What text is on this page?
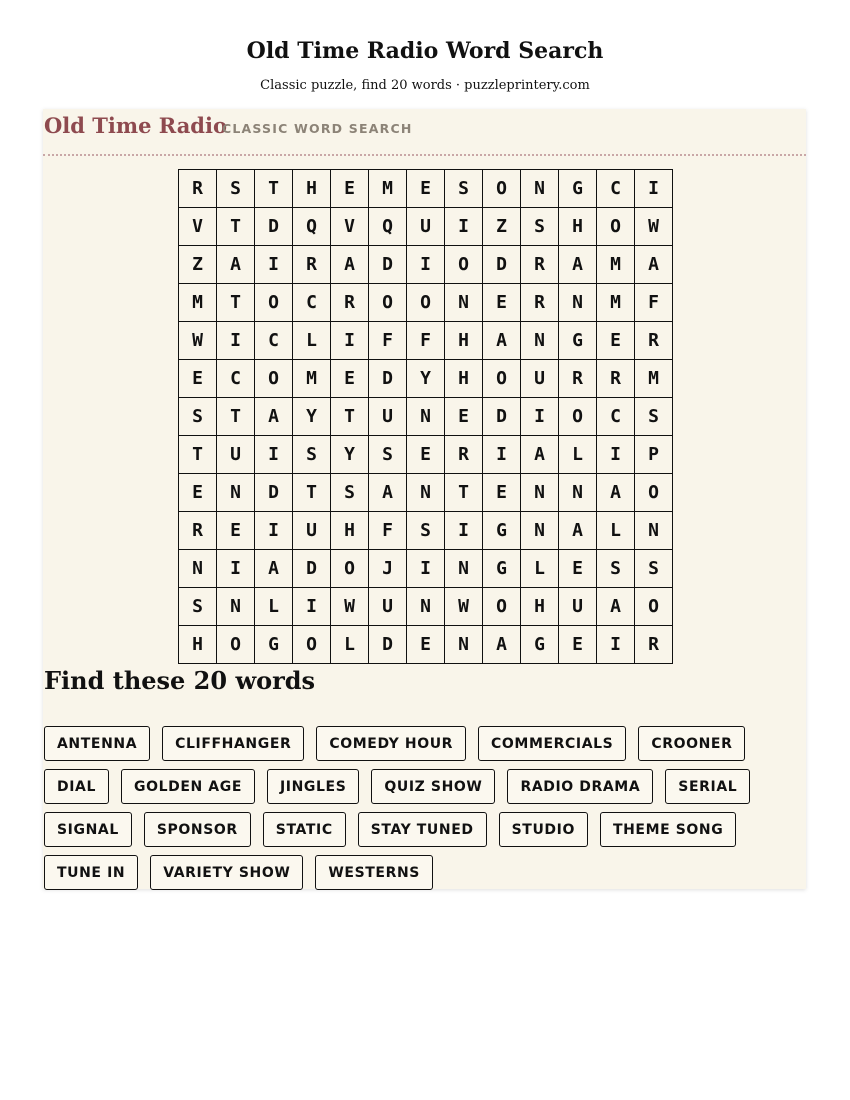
Old Time Radio Word Search

Classic puzzle, find 20 words · puzzleprintery.com

Old Time Radio
CLASSIC WORD SEARCH
R	S	T	H	E	M	E	S	O	N	G	C	I
V	T	D	Q	V	Q	U	I	Z	S	H	O	W
Z	A	I	R	A	D	I	O	D	R	A	M	A
M	T	O	C	R	O	O	N	E	R	N	M	F
W	I	C	L	I	F	F	H	A	N	G	E	R
E	C	O	M	E	D	Y	H	O	U	R	R	M
S	T	A	Y	T	U	N	E	D	I	O	C	S
T	U	I	S	Y	S	E	R	I	A	L	I	P
E	N	D	T	S	A	N	T	E	N	N	A	O
R	E	I	U	H	F	S	I	G	N	A	L	N
N	I	A	D	O	J	I	N	G	L	E	S	S
S	N	L	I	W	U	N	W	O	H	U	A	O
H	O	G	O	L	D	E	N	A	G	E	I	R
Find these 20 words
ANTENNA	CLIFFHANGER	COMEDY HOUR	COMMERCIALS	CROONER
DIAL	GOLDEN AGE	JINGLES	QUIZ SHOW	RADIO DRAMA	SERIAL
SIGNAL	SPONSOR	STATIC	STAY TUNED	STUDIO	THEME SONG
TUNE IN	VARIETY SHOW	WESTERNS
